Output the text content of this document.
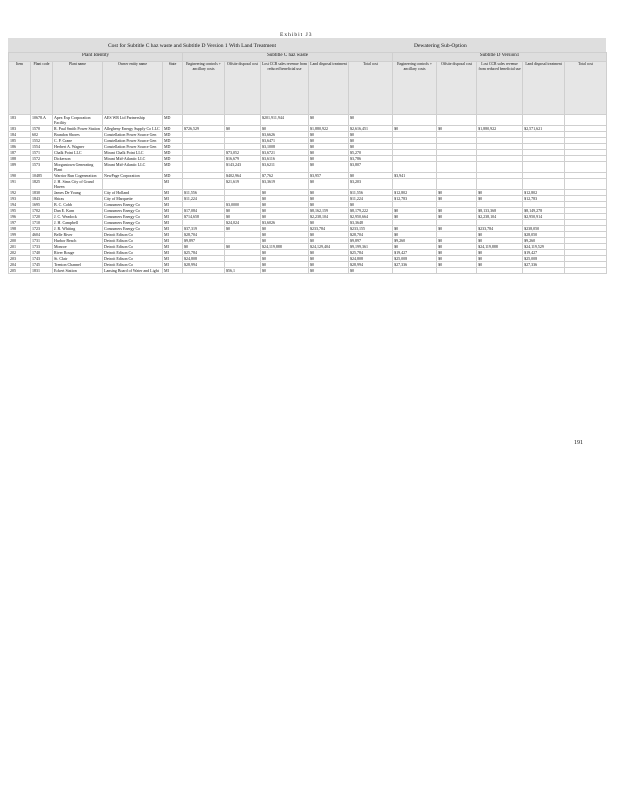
Exhibit J3
Cost for Subtitle C haz waste and Subtitle D Version 1 With Land Treatment	Dewatering Sub-Option
Plant Identity					Subtitle C haz waste					Subtitle D Version1				
Item	Plant code	Plant name	Owner entity name	State	Engineering controls + ancillary costs	Offsite disposal cost	Lost CCR sales revenue from reduced beneficial use	Land disposal treatment	Total cost	Engineering controls + ancillary costs	Offsite disposal cost	Lost CCR sales revenue from reduced beneficial use	Land disposal treatment	Total cost
183	10678.A	Apex Exp Corporation Facility	AES WR Ltd Partnership	MD			$201,911,944	$0	$0					
183	1570	R. Paul Smith Power Station	Allegheny Energy Supply Co LLC	MD	$726,529	$0	$0	$1,880,922	$2,616,451	$0	$0	$1,880,922	$2,571,621	
184	602	Brandon Shores	Constellation Power Source Gen	MD			$3,6626	$0	$0					
185	1552	C. P. Crane	Constellation Power Source Gen	MD			$3,6471	$0	$0					
186	1554	Herbert A. Wagner	Constellation Power Source Gen	MD			$3,1008	$0	$0					
187	1571	Chalk Point LLC	Mirant Chalk Point LLC	MD		$73,052	$3,6721	$0	$5,270					
188	1572	Dickerson	Mirant Mid-Atlantic LLC	MD		$16,679	$3,6116	$0	$3,786					
189	1573	Morgantown Generating Plant	Mirant Mid-Atlantic LLC	MD		$143,243	$3,6211	$0	$3,807					
190	10485	Warrior Run Cogeneration	NewPage Corporation	MD		$402,964	$7,762	$3,957	$0	$3,941				
191	1825	J. H. Sims City of Grand Haven		MI		$21,619	$3,3619	$0	$3,203					
192	1830	James De Young	City of Holland	MI	$11,556		$0	$0	$11,556	$12,802	$0	$0	$12,802	
193	1843	Shiras	City of Marquette	MI	$11,224		$0	$0	$11,224	$12,783	$0	$0	$12,783	
194	1695	B. C. Cobb	Consumers Energy Co	MI		$3,0000	$0	$0	$0					
195	1702	Dan E. Karn	Consumers Energy Co	MI	$17,084	$0	$0	$8,162,159	$8,179,222	$0	$0	$8,133,368	$8,149,278	
196	1720	J. C. Weadock	Consumers Energy Co	MI	$714,658	$0	$0	$2,238,104	$2,950,664	$0	$0	$2,238,104	$2,950,914	
197	1710	J. H. Campbell	Consumers Energy Co	MI		$24,024	$3,6026	$0	$3,3648					
198	1723	J. R. Whiting	Consumers Energy Co	MI	$37,319	$0	$0	$233,784	$233,155	$0	$0	$233,784	$238,050	
199	4604	Belle River	Detroit Edison Co	MI	$28,704		$0	$0	$28,704	$0		$0	$28,050	
200	1731	Harbor Beach	Detroit Edison Co	MI	$9,897		$0	$0	$9,897	$9,260	$0	$0	$9,260	
201	1733	Monroe	Detroit Edison Co	MI	$0	$0	$24,119,888	$24,129,404	$9,199,361	$0	$0	$24,119,888	$24,119,529	
202	1740	River Rouge	Detroit Edison Co	MI	$25,784		$0	$0	$25,784	$19,427	$0	$0	$19,427	
203	1743	St. Clair	Detroit Edison Co	MI	$24,808		$0	$0	$24,808	$25,008	$0	$0	$25,008	
204	1745	Trenton Channel	Detroit Edison Co	MI	$28,994		$0	$0	$28,994	$27,336	$0	$0	$27,336	
205	1831	Eckert Station	Lansing Board of Water and Light	MI		$56,1	$0	$0	$0					
191
